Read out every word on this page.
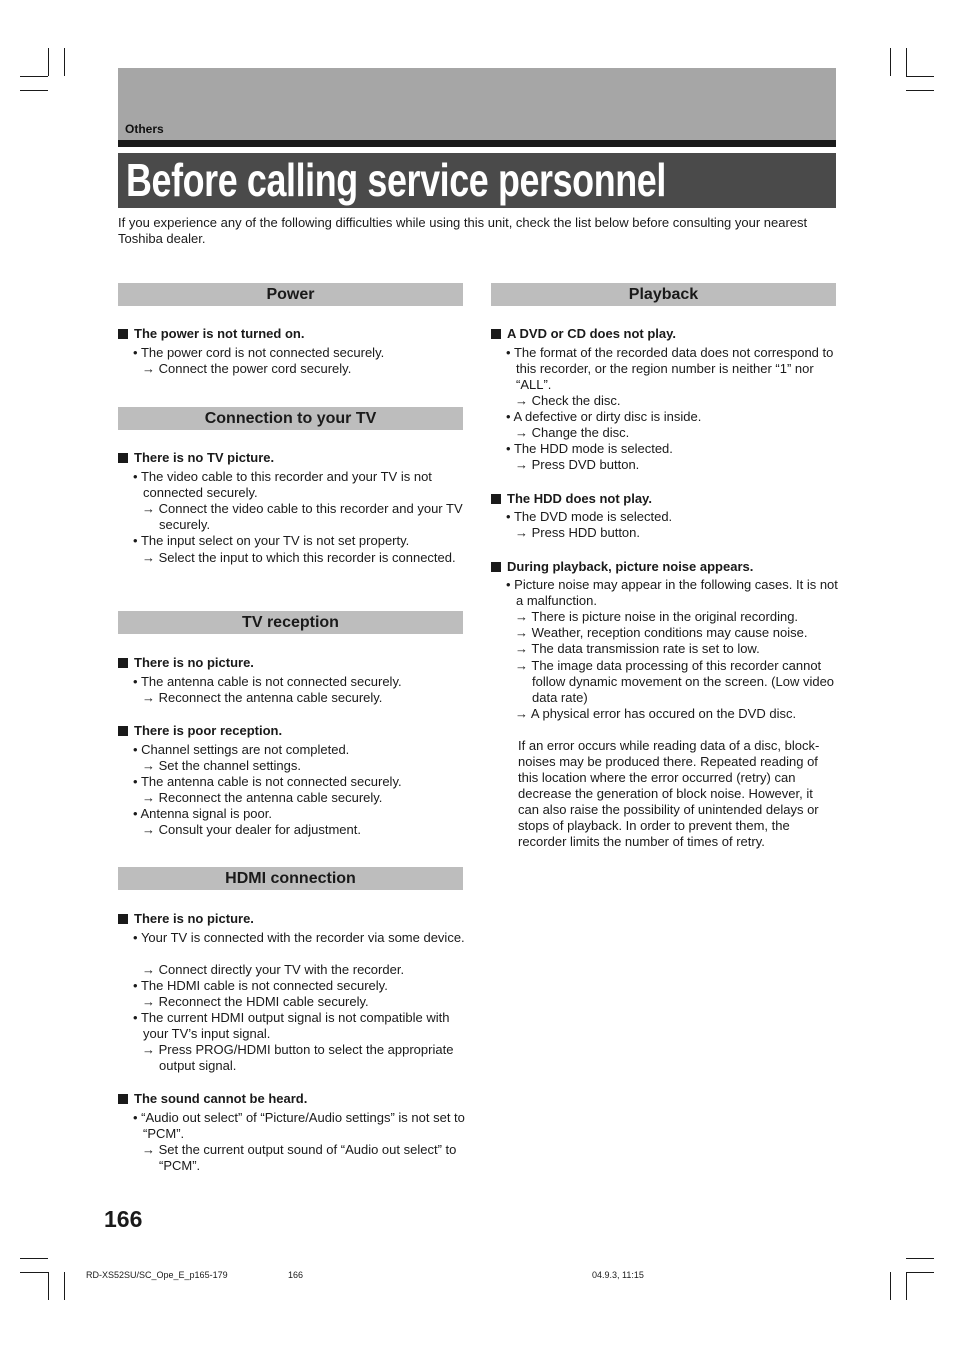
Others
Before calling service personnel
If you experience any of the following difficulties while using this unit, check the list below before consulting your nearest Toshiba dealer.
Power
The power is not turned on.
• The power cord is not connected securely.
→ Connect the power cord securely.
Connection to your TV
There is no TV picture.
• The video cable to this recorder and your TV is not connected securely.
→ Connect the video cable to this recorder and your TV securely.
• The input select on your TV is not set property.
→ Select the input to which this recorder is connected.
TV reception
There is no picture.
• The antenna cable is not connected securely.
→ Reconnect the antenna cable securely.
There is poor reception.
• Channel settings are not completed.
→ Set the channel settings.
• The antenna cable is not connected securely.
→ Reconnect the antenna cable securely.
• Antenna signal is poor.
→ Consult your dealer for adjustment.
HDMI connection
There is no picture.
• Your TV is connected with the recorder via some device.
→ Connect directly your TV with the recorder.
• The HDMI cable is not connected securely.
→ Reconnect the HDMI cable securely.
• The current HDMI output signal is not compatible with your TV’s input signal.
→ Press PROG/HDMI button to select the appropriate output signal.
The sound cannot be heard.
• “Audio out select” of “Picture/Audio settings” is not set to “PCM”.
→ Set the current output sound of “Audio out select” to “PCM”.
Playback
A DVD or CD does not play.
• The format of the recorded data does not correspond to this recorder, or the region number is neither “1” nor “ALL”.
→ Check the disc.
• A defective or dirty disc is inside.
→ Change the disc.
• The HDD mode is selected.
→ Press DVD button.
The HDD does not play.
• The DVD mode is selected.
→ Press HDD button.
During playback, picture noise appears.
• Picture noise may appear in the following cases. It is not a malfunction.
→ There is picture noise in the original recording.
→ Weather, reception conditions may cause noise.
→ The data transmission rate is set to low.
→ The image data processing of this recorder cannot follow dynamic movement on the screen. (Low video data rate)
→ A physical error has occured on the DVD disc.
If an error occurs while reading data of a disc, block-noises may be produced there. Repeated reading of this location where the error occurred (retry) can decrease the generation of block noise. However, it can also raise the possibility of unintended delays or stops of playback. In order to prevent them, the recorder limits the number of times of retry.
166
RD-XS52SU/SC_Ope_E_p165-179	166	04.9.3, 11:15
